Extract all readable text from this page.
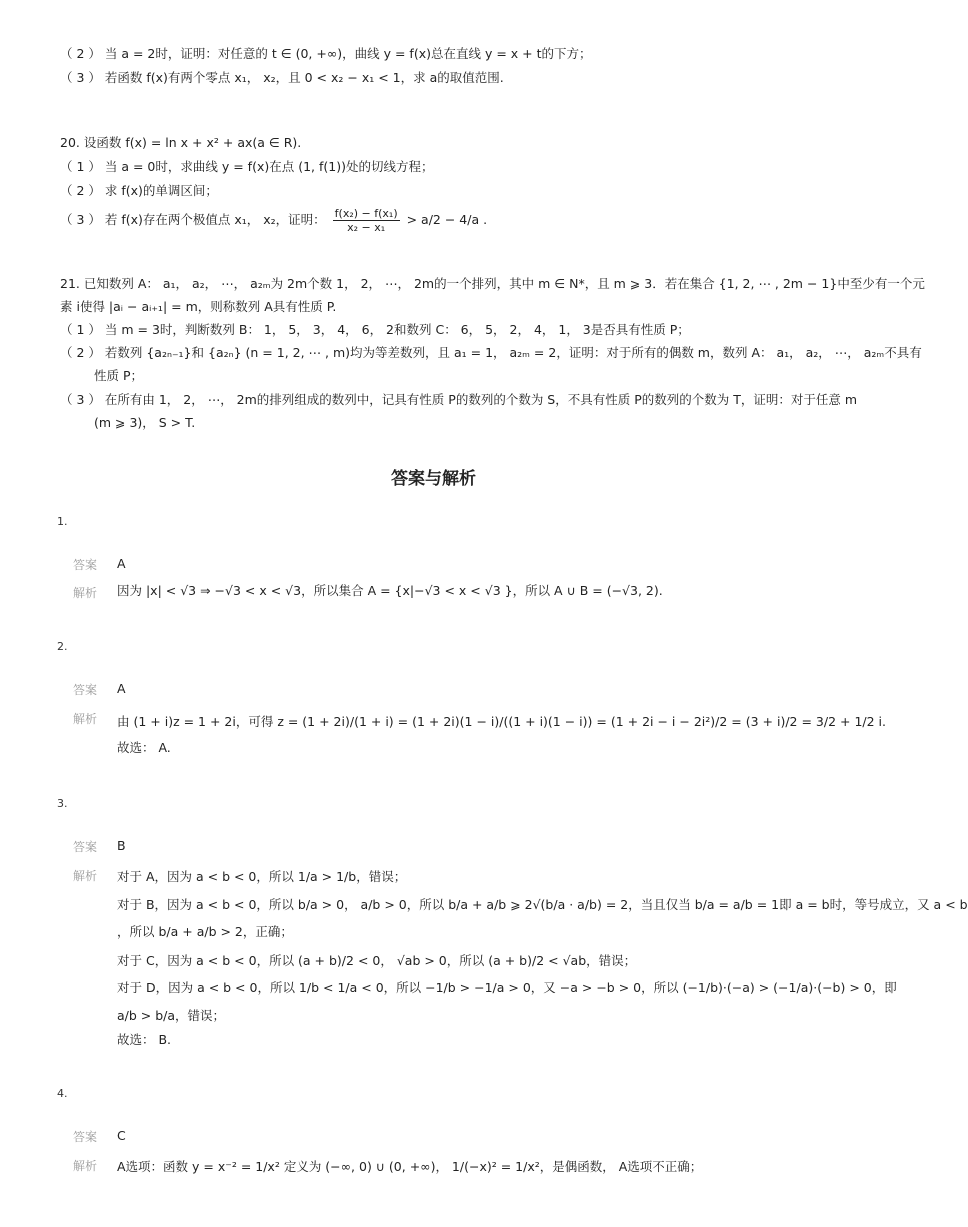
（ 2 ） 当 a = 2时，证明：对任意的 t ∈ (0, +∞)，曲线 y = f(x)总在直线 y = x + t的下方；
（ 3 ） 若函数 f(x)有两个零点 x₁， x₂，且 0 < x₂ − x₁ < 1，求 a的取值范围.
20. 设函数 f(x) = ln x + x² + ax(a ∈ R).
（ 1 ） 当 a = 0时，求曲线 y = f(x)在点 (1, f(1))处的切线方程；
（ 2 ） 求 f(x)的单调区间；
（ 3 ） 若 f(x)存在两个极值点 x₁， x₂，证明： $\frac{\text{f(x₂) − f(x₁)}}{\text{x₂ − x₁}} > a/2 - 4/a$ .
21. 已知数列 A： a₁， a₂， ⋯， a₂ₘ为 2m个数 1， 2， ⋯， 2m的一个排列，其中 m ∈ N*，且 m ⩾ 3．若在集合 {1, 2, ⋯ , 2m − 1}中至少有一个元
素 i使得 |aᵢ − aᵢ₊₁| = m，则称数列 A具有性质 P.
（ 1 ） 当 m = 3时，判断数列 B： 1， 5， 3， 4， 6， 2和数列 C： 6， 5， 2， 4， 1， 3是否具有性质 P；
（ 2 ） 若数列 {a₂ₙ₋₁}和 {a₂ₙ} (n = 1, 2, ⋯ , m)均为等差数列，且 a₁ = 1， a₂ₘ = 2，证明：对于所有的偶数 m，数列 A： a₁， a₂， ⋯， a₂ₘ不具有
性质 P；
（ 3 ） 在所有由 1， 2， ⋯， 2m的排列组成的数列中，记具有性质 P的数列的个数为 S，不具有性质 P的数列的个数为 T，证明：对于任意 m
(m ⩾ 3)， S > T.
答案与解析
1.
答案 A
解析 因为 |x| < √3 ⇒ −√3 < x < √3，所以集合 A = {x|−√3 < x < √3 }，所以 A ∪ B = (−√3, 2).
2.
答案 A
解析 由 (1 + i)z = 1 + 2i，可得 z = (1 + 2i)/(1 + i) = (1 + 2i)(1 − i)/((1 + i)(1 − i)) = (1 + 2i − i − 2i²)/2 = (3 + i)/2 = 3/2 + 1/2 i.
故选： A.
3.
答案 B
解析 对于 A，因为 a < b < 0，所以 1/a > 1/b，错误；
对于 B，因为 a < b < 0，所以 b/a > 0， a/b > 0，所以 b/a + a/b ⩾ 2√(b/a · a/b) = 2，当且仅当 b/a = a/b = 1即 a = b时，等号成立，又 a < b
，所以 b/a + a/b > 2，正确；
对于 C，因为 a < b < 0，所以 (a + b)/2 < 0， √ab > 0，所以 (a + b)/2 < √ab，错误；
对于 D，因为 a < b < 0，所以 1/b < 1/a < 0，所以 −1/b > −1/a > 0，又 −a > −b > 0，所以 (−1/b)·(−a) > (−1/a)·(−b) > 0，即
a/b > b/a，错误；
故选： B.
4.
答案 C
解析 A选项：函数 y = x⁻² = 1/x² 定义为 (−∞, 0) ∪ (0, +∞)， 1/(−x)² = 1/x²，是偶函数， A选项不正确；
